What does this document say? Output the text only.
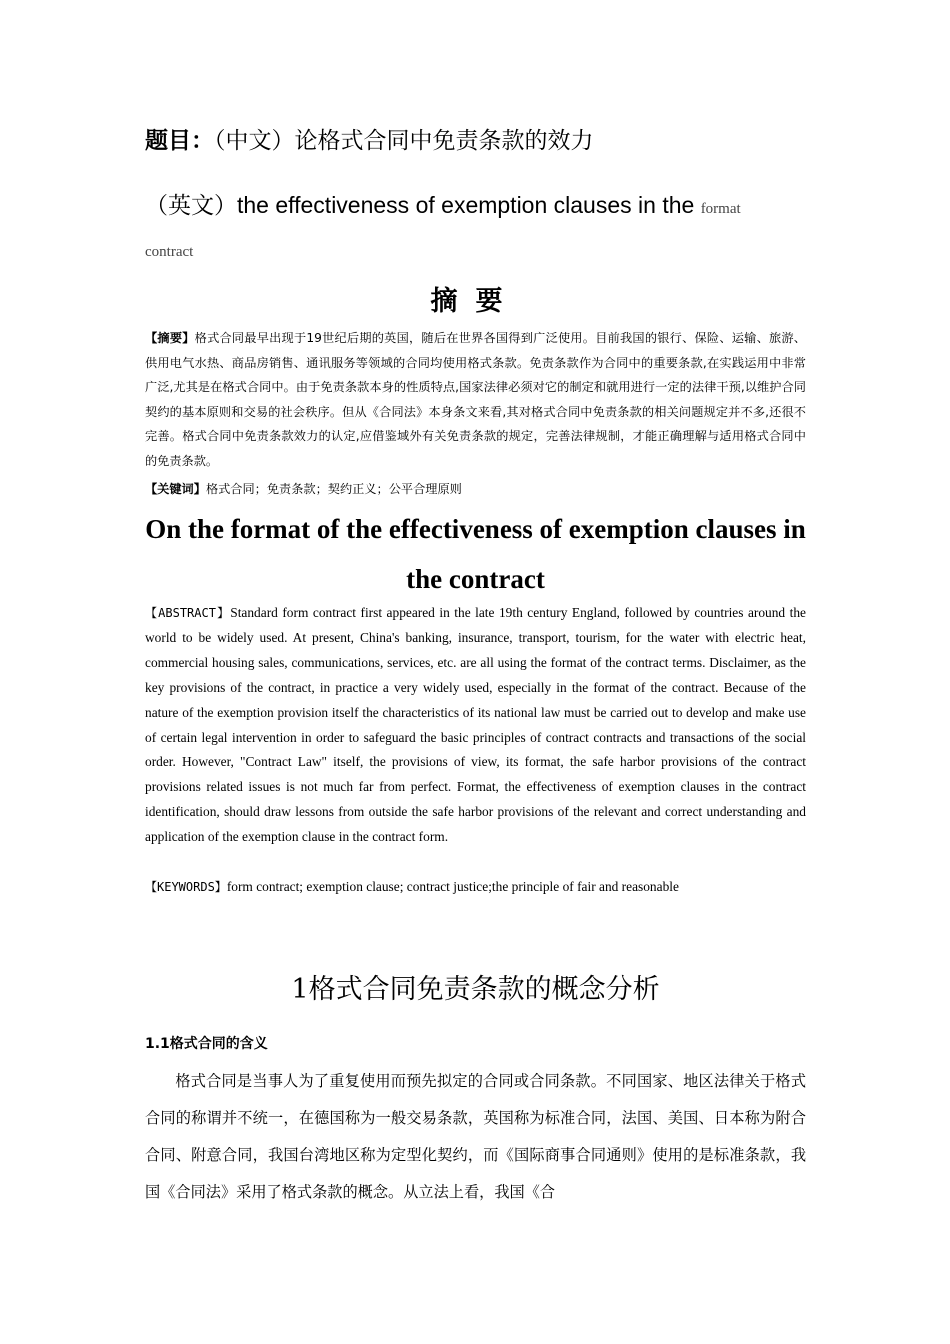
题目：（中文）论格式合同中免责条款的效力
（英文）the effectiveness of exemption clauses in the format
contract
摘要
【摘要】格式合同最早出现于19世纪后期的英国，随后在世界各国得到广泛使用。目前我国的银行、保险、运输、旅游、供用电气水热、商品房销售、通讯服务等领域的合同均使用格式条款。免责条款作为合同中的重要条款,在实践运用中非常广泛,尤其是在格式合同中。由于免责条款本身的性质特点,国家法律必须对它的制定和就用进行一定的法律干预,以维护合同契约的基本原则和交易的社会秩序。但从《合同法》本身条文来看,其对格式合同中免责条款的相关问题规定并不多,还很不完善。格式合同中免责条款效力的认定,应借鉴域外有关免责条款的规定，完善法律规制，才能正确理解与适用格式合同中的免责条款。
【关键词】格式合同；免责条款；契约正义；公平合理原则
On the format of the effectiveness of exemption clauses in the contract
【ABSTRACT】Standard form contract first appeared in the late 19th century England, followed by countries around the world to be widely used. At present, China's banking, insurance, transport, tourism, for the water with electric heat, commercial housing sales, communications, services, etc. are all using the format of the contract terms. Disclaimer, as the key provisions of the contract, in practice a very widely used, especially in the format of the contract. Because of the nature of the exemption provision itself the characteristics of its national law must be carried out to develop and make use of certain legal intervention in order to safeguard the basic principles of contract contracts and transactions of the social order. However, "Contract Law" itself, the provisions of view, its format, the safe harbor provisions of the contract provisions related issues is not much far from perfect. Format, the effectiveness of exemption clauses in the contract identification, should draw lessons from outside the safe harbor provisions of the relevant and correct understanding and application of the exemption clause in the contract form.
【KEYWORDS】form contract; exemption clause; contract justice;the principle of fair and reasonable
1格式合同免责条款的概念分析
1.1格式合同的含义
格式合同是当事人为了重复使用而预先拟定的合同或合同条款。不同国家、地区法律关于格式合同的称谓并不统一，在德国称为一般交易条款，英国称为标准合同，法国、美国、日本称为附合合同、附意合同，我国台湾地区称为定型化契约，而《国际商事合同通则》使用的是标准条款，我国《合同法》采用了格式条款的概念。从立法上看，我国《合
